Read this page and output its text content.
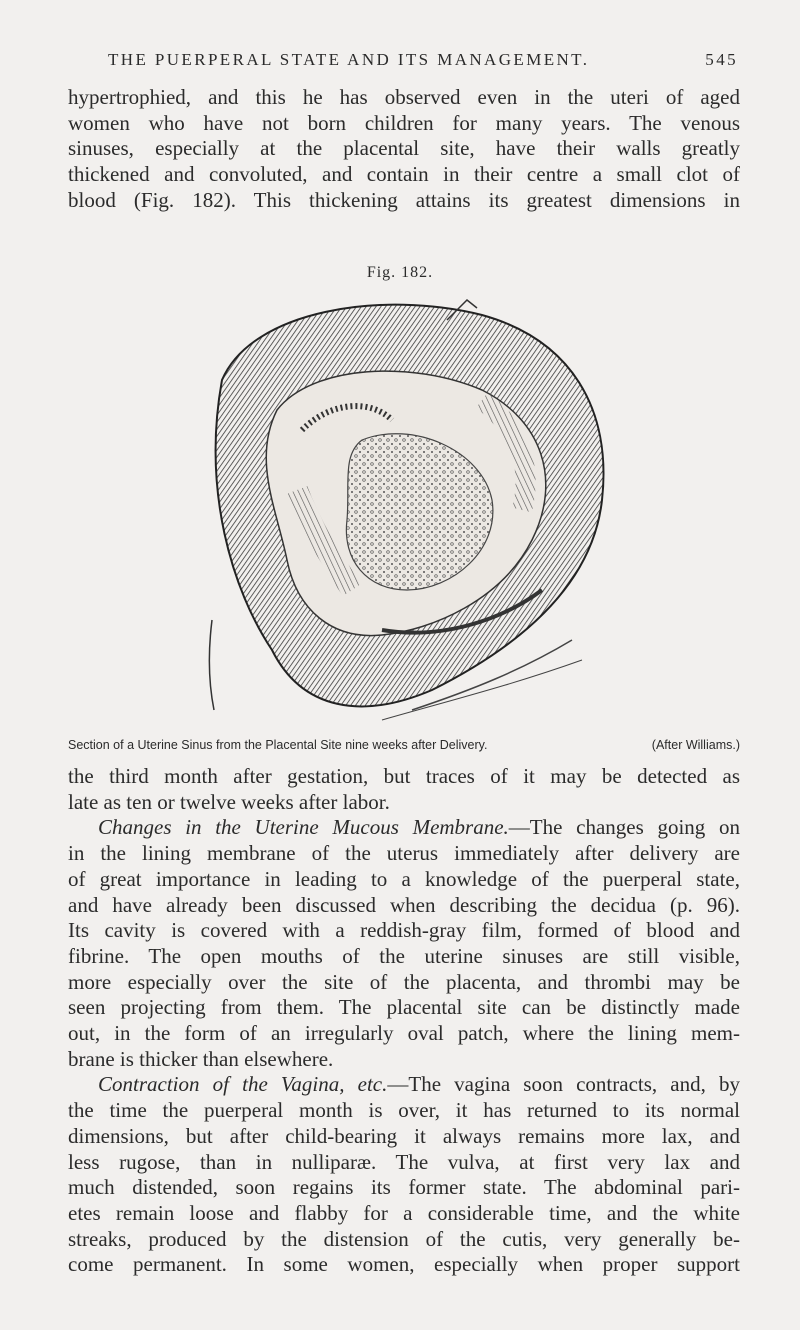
THE PUERPERAL STATE AND ITS MANAGEMENT.	545
hypertrophied, and this he has observed even in the uteri of aged
women who have not born children for many years. The venous
sinuses, especially at the placental site, have their walls greatly
thickened and convoluted, and contain in their centre a small clot of
blood (Fig. 182). This thickening attains its greatest dimensions in
Fig. 182.
Section of a Uterine Sinus from the Placental Site nine weeks after Delivery.	(After Williams.)
the third month after gestation, but traces of it may be detected as
late as ten or twelve weeks after labor.
Changes in the Uterine Mucous Membrane.—The changes going on
in the lining membrane of the uterus immediately after delivery are
of great importance in leading to a knowledge of the puerperal state,
and have already been discussed when describing the decidua (p. 96).
Its cavity is covered with a reddish-gray film, formed of blood and
fibrine. The open mouths of the uterine sinuses are still visible,
more especially over the site of the placenta, and thrombi may be
seen projecting from them. The placental site can be distinctly made
out, in the form of an irregularly oval patch, where the lining mem-
brane is thicker than elsewhere.
Contraction of the Vagina, etc.—The vagina soon contracts, and, by
the time the puerperal month is over, it has returned to its normal
dimensions, but after child-bearing it always remains more lax, and
less rugose, than in nulliparæ. The vulva, at first very lax and
much distended, soon regains its former state. The abdominal pari-
etes remain loose and flabby for a considerable time, and the white
streaks, produced by the distension of the cutis, very generally be-
come permanent. In some women, especially when proper support
